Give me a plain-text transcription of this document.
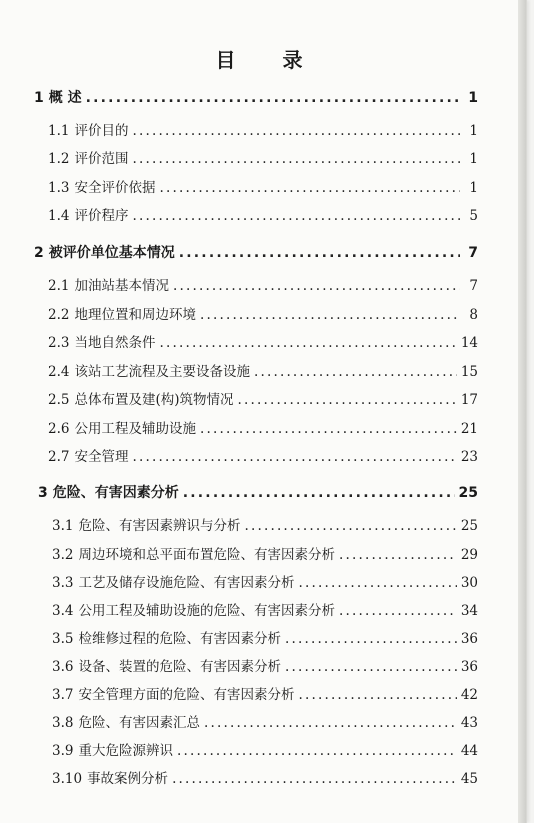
目 录
1 概 述 .....	1
1.1 评价目的 .....	1
1.2 评价范围 .....	1
1.3 安全评价依据 .....	1
1.4 评价程序 .....	5
2 被评价单位基本情况 .....	7
2.1 加油站基本情况 .....	7
2.2 地理位置和周边环境 .....	8
2.3 当地自然条件 .....	14
2.4 该站工艺流程及主要设备设施 .....	15
2.5 总体布置及建(构)筑物情况 .....	17
2.6 公用工程及辅助设施 .....	21
2.7 安全管理 .....	23
3 危险、有害因素分析 .....	25
3.1 危险、有害因素辨识与分析 .....	25
3.2 周边环境和总平面布置危险、有害因素分析 .....	29
3.3 工艺及储存设施危险、有害因素分析 .....	30
3.4 公用工程及辅助设施的危险、有害因素分析 .....	34
3.5 检维修过程的危险、有害因素分析 .....	36
3.6 设备、装置的危险、有害因素分析 .....	36
3.7 安全管理方面的危险、有害因素分析 .....	42
3.8 危险、有害因素汇总 .....	43
3.9 重大危险源辨识 .....	44
3.10 事故案例分析 .....	45
